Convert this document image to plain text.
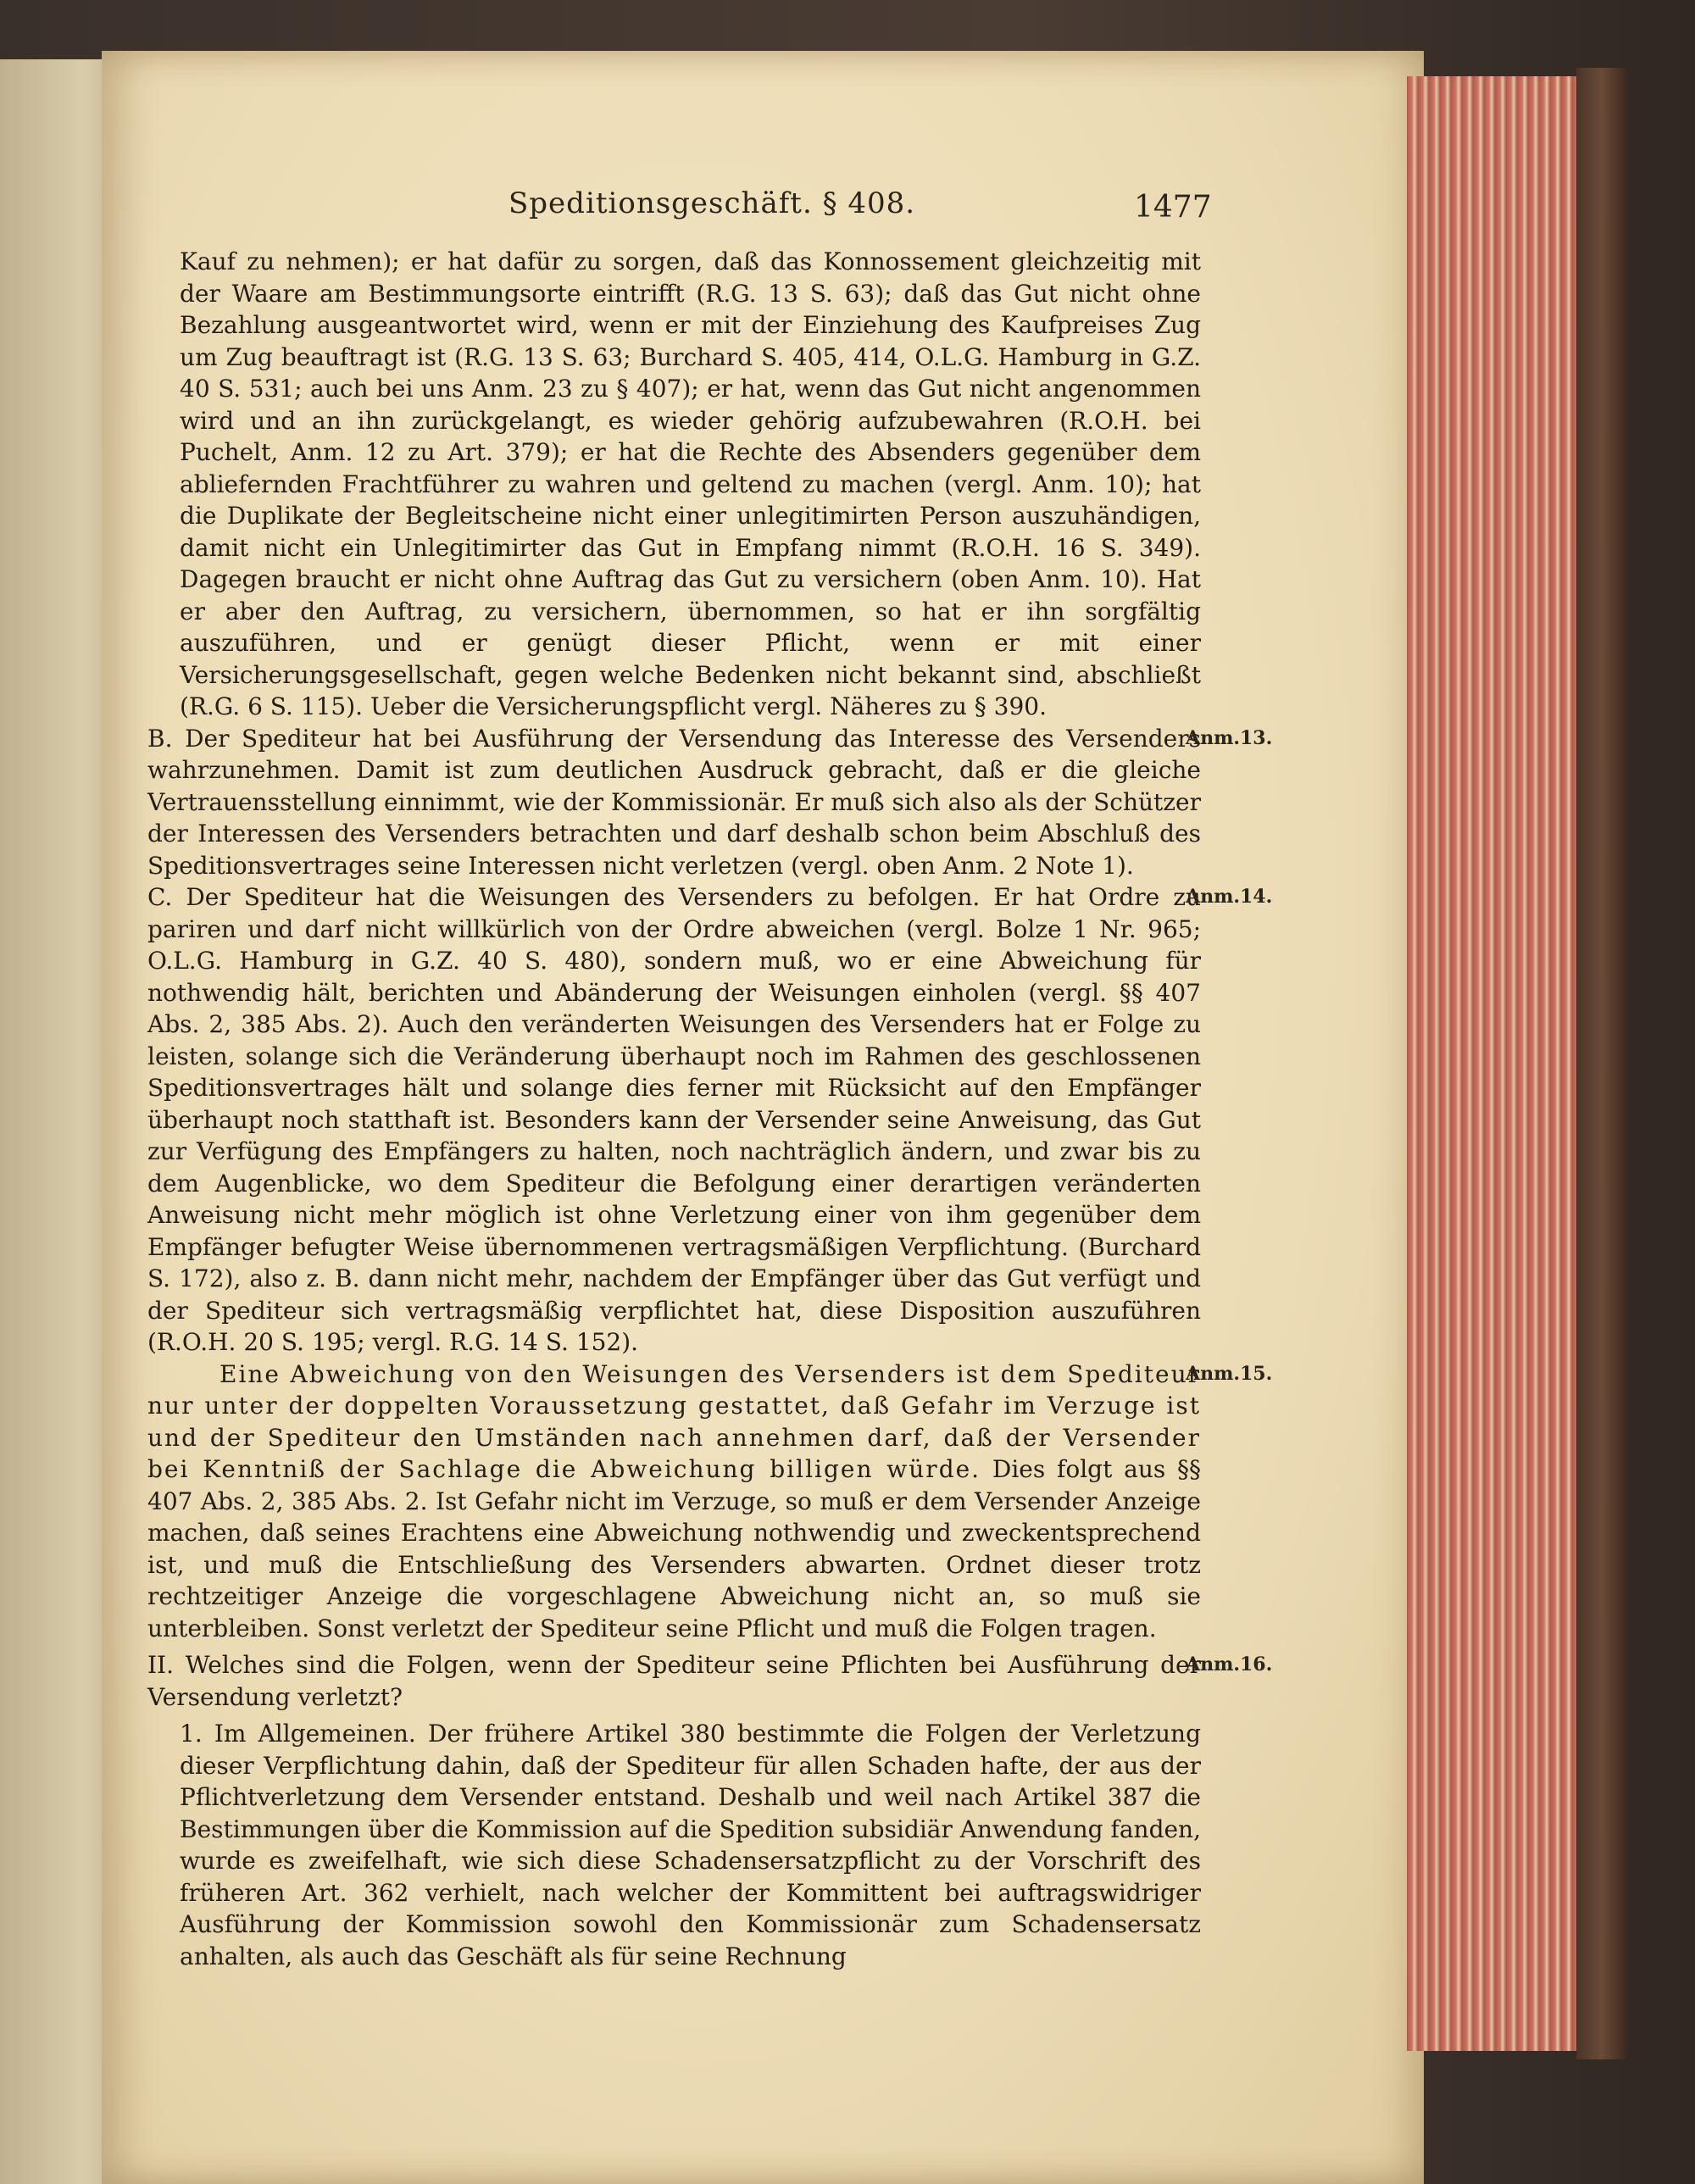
Speditionsgeschäft. § 408.	1477

Kauf zu nehmen); er hat dafür zu sorgen, daß das Konnossement gleichzeitig mit der Waare am Bestimmungsorte eintrifft (R.G. 13 S. 63); daß das Gut nicht ohne Bezahlung ausgeantwortet wird, wenn er mit der Einziehung des Kaufpreises Zug um Zug beauftragt ist (R.G. 13 S. 63; Burchard S. 405, 414, O.L.G. Hamburg in G.Z. 40 S. 531; auch bei uns Anm. 23 zu § 407); er hat, wenn das Gut nicht angenommen wird und an ihn zurückgelangt, es wieder gehörig aufzubewahren (R.O.H. bei Puchelt, Anm. 12 zu Art. 379); er hat die Rechte des Absenders gegenüber dem abliefernden Frachtführer zu wahren und geltend zu machen (vergl. Anm. 10); hat die Duplikate der Begleitscheine nicht einer unlegitimirten Person auszuhändigen, damit nicht ein Unlegitimirter das Gut in Empfang nimmt (R.O.H. 16 S. 349). Dagegen braucht er nicht ohne Auftrag das Gut zu versichern (oben Anm. 10). Hat er aber den Auftrag, zu versichern, übernommen, so hat er ihn sorgfältig auszuführen, und er genügt dieser Pflicht, wenn er mit einer Versicherungsgesellschaft, gegen welche Bedenken nicht bekannt sind, abschließt (R.G. 6 S. 115). Ueber die Versicherungspflicht vergl. Näheres zu § 390.

Anm.13.
B. Der Spediteur hat bei Ausführung der Versendung das Interesse des Versenders wahrzunehmen. Damit ist zum deutlichen Ausdruck gebracht, daß er die gleiche Vertrauensstellung einnimmt, wie der Kommissionär. Er muß sich also als der Schützer der Interessen des Versenders betrachten und darf deshalb schon beim Abschluß des Speditionsvertrages seine Interessen nicht verletzen (vergl. oben Anm. 2 Note 1).

Anm.14.
C. Der Spediteur hat die Weisungen des Versenders zu befolgen. Er hat Ordre zu pariren und darf nicht willkürlich von der Ordre abweichen (vergl. Bolze 1 Nr. 965; O.L.G. Hamburg in G.Z. 40 S. 480), sondern muß, wo er eine Abweichung für nothwendig hält, berichten und Abänderung der Weisungen einholen (vergl. §§ 407 Abs. 2, 385 Abs. 2). Auch den veränderten Weisungen des Versenders hat er Folge zu leisten, solange sich die Veränderung überhaupt noch im Rahmen des geschlossenen Speditionsvertrages hält und solange dies ferner mit Rücksicht auf den Empfänger überhaupt noch statthaft ist. Besonders kann der Versender seine Anweisung, das Gut zur Verfügung des Empfängers zu halten, noch nachträglich ändern, und zwar bis zu dem Augenblicke, wo dem Spediteur die Befolgung einer derartigen veränderten Anweisung nicht mehr möglich ist ohne Verletzung einer von ihm gegenüber dem Empfänger befugter Weise übernommenen vertragsmäßigen Verpflichtung. (Burchard S. 172), also z. B. dann nicht mehr, nachdem der Empfänger über das Gut verfügt und der Spediteur sich vertragsmäßig verpflichtet hat, diese Disposition auszuführen (R.O.H. 20 S. 195; vergl. R.G. 14 S. 152).

Anm.15.
Eine Abweichung von den Weisungen des Versenders ist dem Spediteur nur unter der doppelten Voraussetzung gestattet, daß Gefahr im Verzuge ist und der Spediteur den Umständen nach annehmen darf, daß der Versender bei Kenntniß der Sachlage die Abweichung billigen würde. Dies folgt aus §§ 407 Abs. 2, 385 Abs. 2. Ist Gefahr nicht im Verzuge, so muß er dem Versender Anzeige machen, daß seines Erachtens eine Abweichung nothwendig und zweckentsprechend ist, und muß die Entschließung des Versenders abwarten. Ordnet dieser trotz rechtzeitiger Anzeige die vorgeschlagene Abweichung nicht an, so muß sie unterbleiben. Sonst verletzt der Spediteur seine Pflicht und muß die Folgen tragen.

Anm.16.
II. Welches sind die Folgen, wenn der Spediteur seine Pflichten bei Ausführung der Versendung verletzt?

1. Im Allgemeinen. Der frühere Artikel 380 bestimmte die Folgen der Verletzung dieser Verpflichtung dahin, daß der Spediteur für allen Schaden hafte, der aus der Pflichtverletzung dem Versender entstand. Deshalb und weil nach Artikel 387 die Bestimmungen über die Kommission auf die Spedition subsidiär Anwendung fanden, wurde es zweifelhaft, wie sich diese Schadensersatzpflicht zu der Vorschrift des früheren Art. 362 verhielt, nach welcher der Kommittent bei auftragswidriger Ausführung der Kommission sowohl den Kommissionär zum Schadensersatz anhalten, als auch das Geschäft als für seine Rechnung
